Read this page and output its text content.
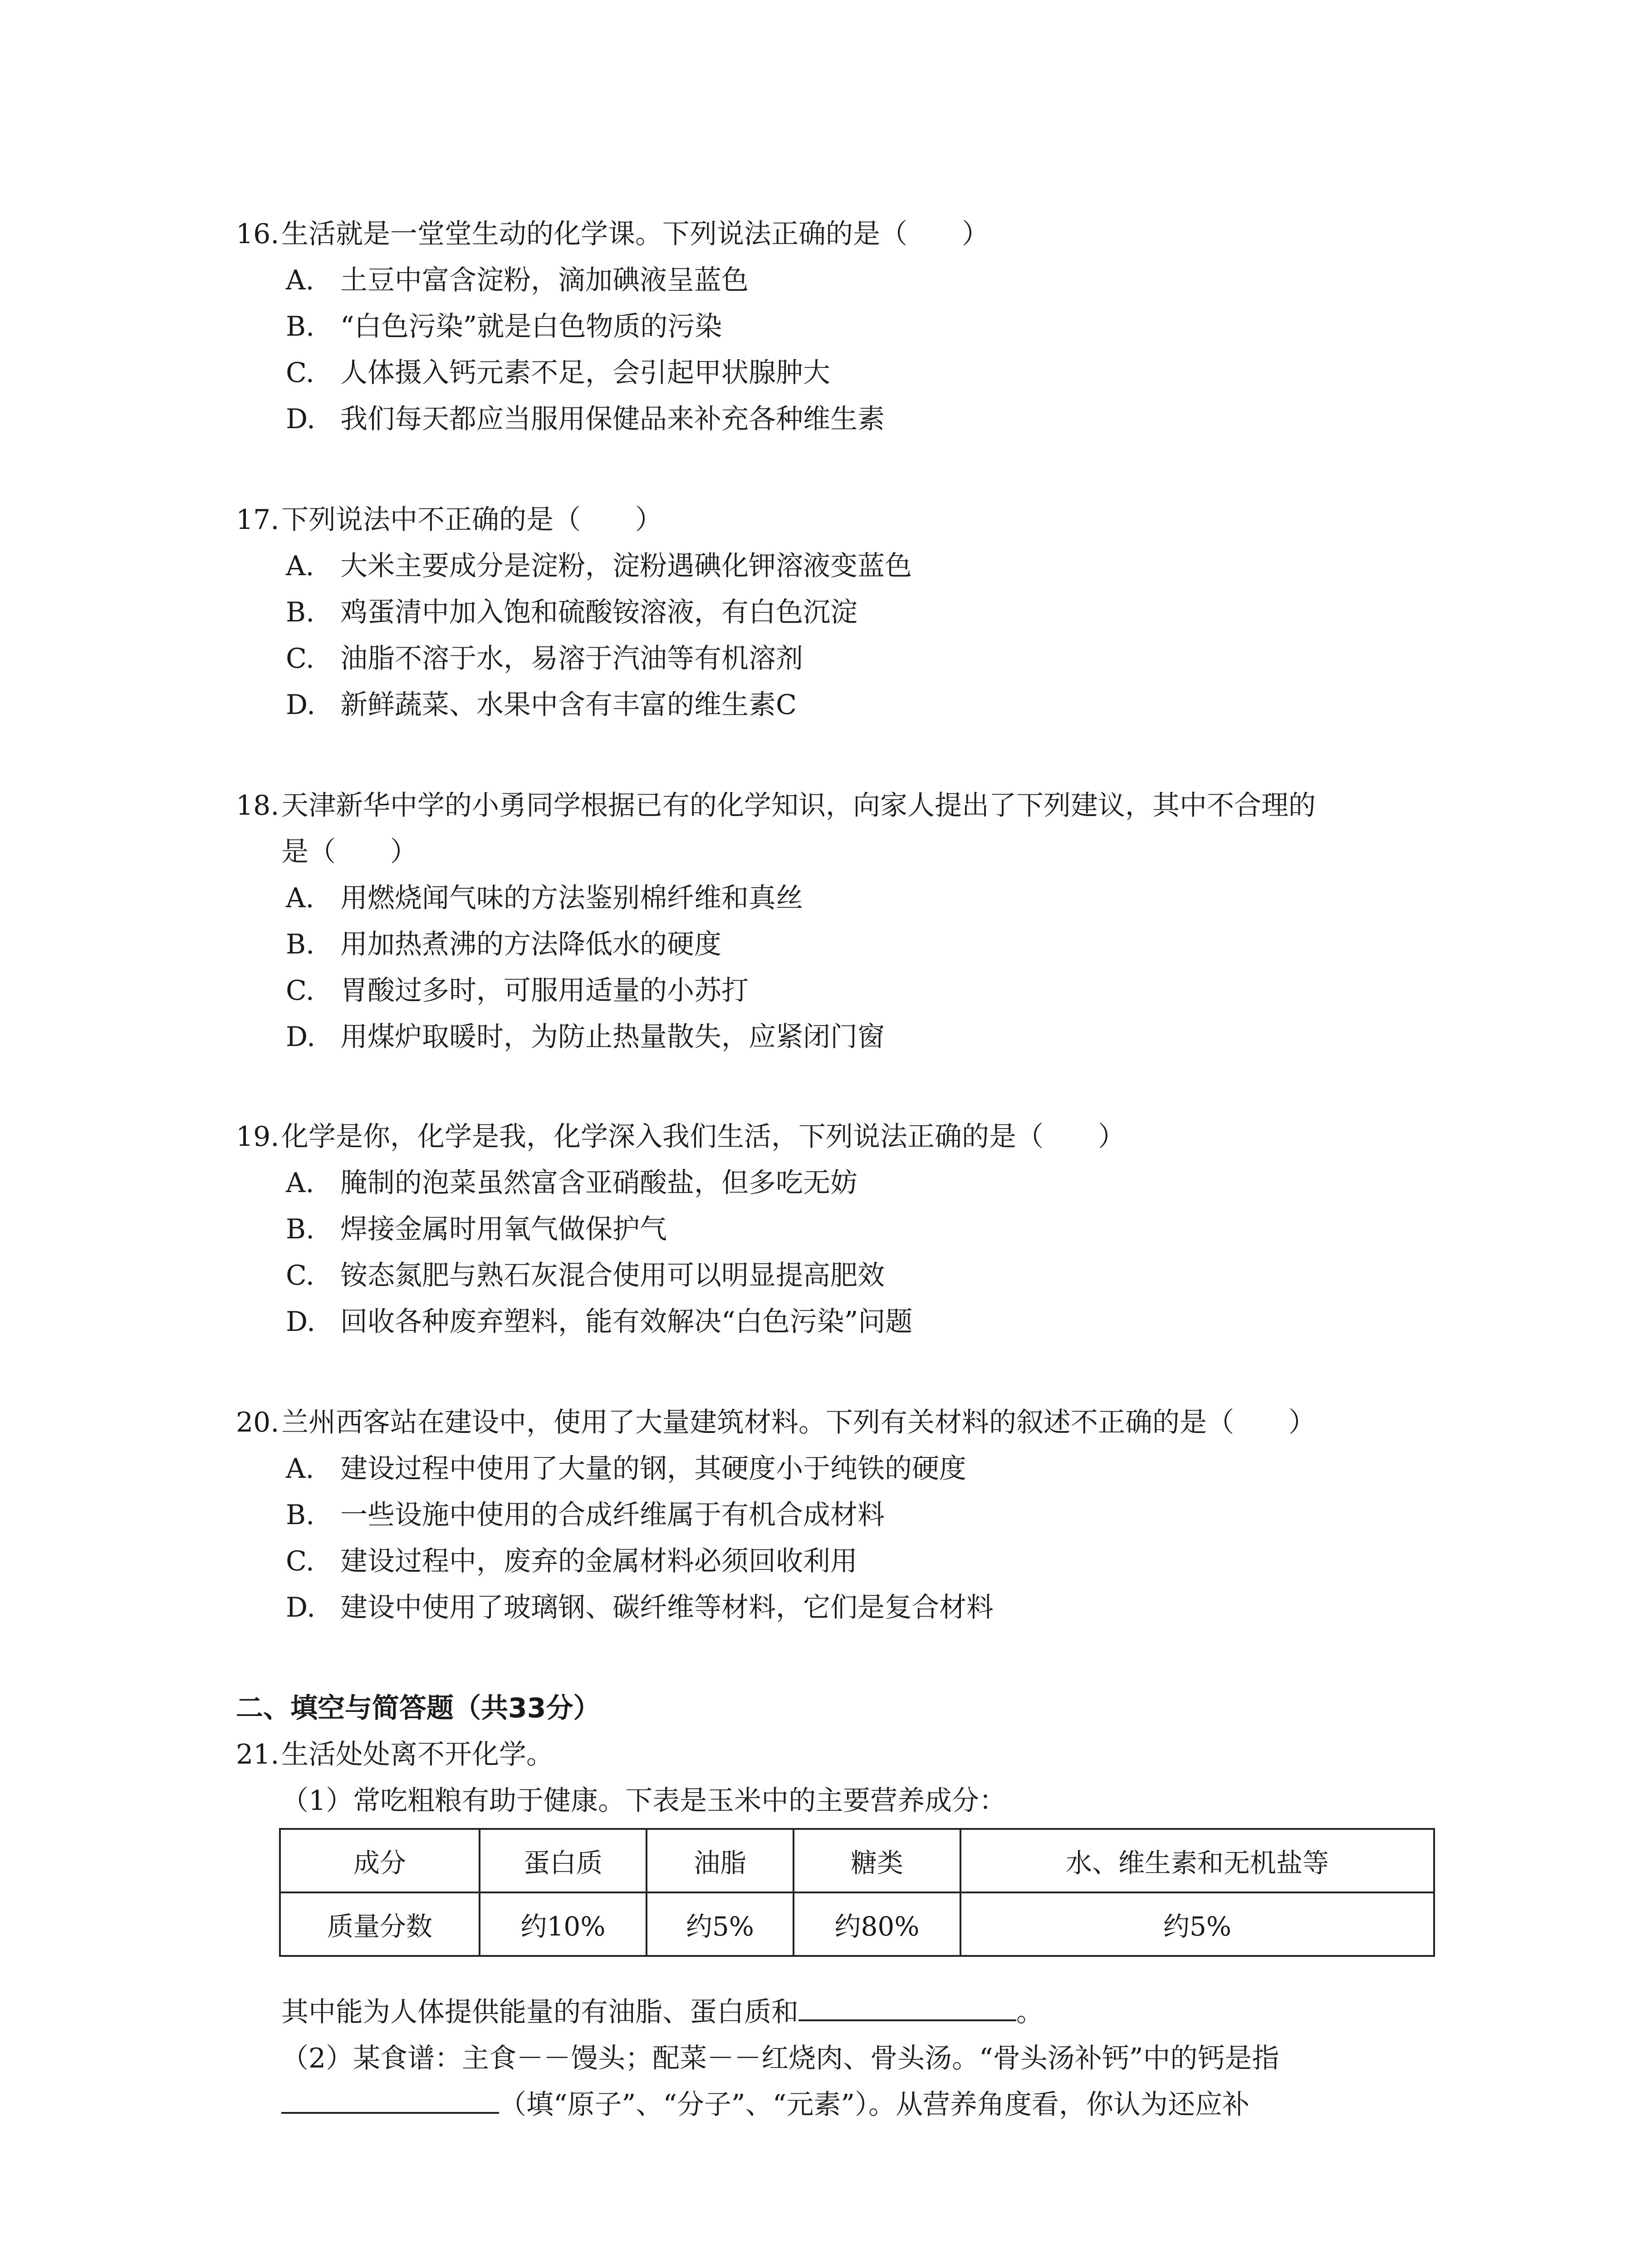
16. 生活就是一堂堂生动的化学课。下列说法正确的是（　　）
A. 土豆中富含淀粉，滴加碘液呈蓝色
B. “白色污染”就是白色物质的污染
C. 人体摄入钙元素不足，会引起甲状腺肿大
D. 我们每天都应当服用保健品来补充各种维生素
17. 下列说法中不正确的是（　　）
A. 大米主要成分是淀粉，淀粉遇碘化钾溶液变蓝色
B. 鸡蛋清中加入饱和硫酸铵溶液，有白色沉淀
C. 油脂不溶于水，易溶于汽油等有机溶剂
D. 新鲜蔬菜、水果中含有丰富的维生素C
18. 天津新华中学的小勇同学根据已有的化学知识，向家人提出了下列建议，其中不合理的
是（　　）
A. 用燃烧闻气味的方法鉴别棉纤维和真丝
B. 用加热煮沸的方法降低水的硬度
C. 胃酸过多时，可服用适量的小苏打
D. 用煤炉取暖时，为防止热量散失，应紧闭门窗
19. 化学是你，化学是我，化学深入我们生活，下列说法正确的是（　　）
A. 腌制的泡菜虽然富含亚硝酸盐，但多吃无妨
B. 焊接金属时用氧气做保护气
C. 铵态氮肥与熟石灰混合使用可以明显提高肥效
D. 回收各种废弃塑料，能有效解决“白色污染”问题
20. 兰州西客站在建设中，使用了大量建筑材料。下列有关材料的叙述不正确的是（　　）
A. 建设过程中使用了大量的钢，其硬度小于纯铁的硬度
B. 一些设施中使用的合成纤维属于有机合成材料
C. 建设过程中，废弃的金属材料必须回收利用
D. 建设中使用了玻璃钢、碳纤维等材料，它们是复合材料
二、填空与简答题（共33分）
21. 生活处处离不开化学。
（1）常吃粗粮有助于健康。下表是玉米中的主要营养成分：
成分	蛋白质	油脂	糖类	水、维生素和无机盐等
质量分数	约10%	约5%	约80%	约5%
其中能为人体提供能量的有油脂、蛋白质和	。
（2）某食谱：主食－－馒头；配菜－－红烧肉、骨头汤。“骨头汤补钙”中的钙是指
（填“原子”、“分子”、“元素”）。从营养角度看，你认为还应补
